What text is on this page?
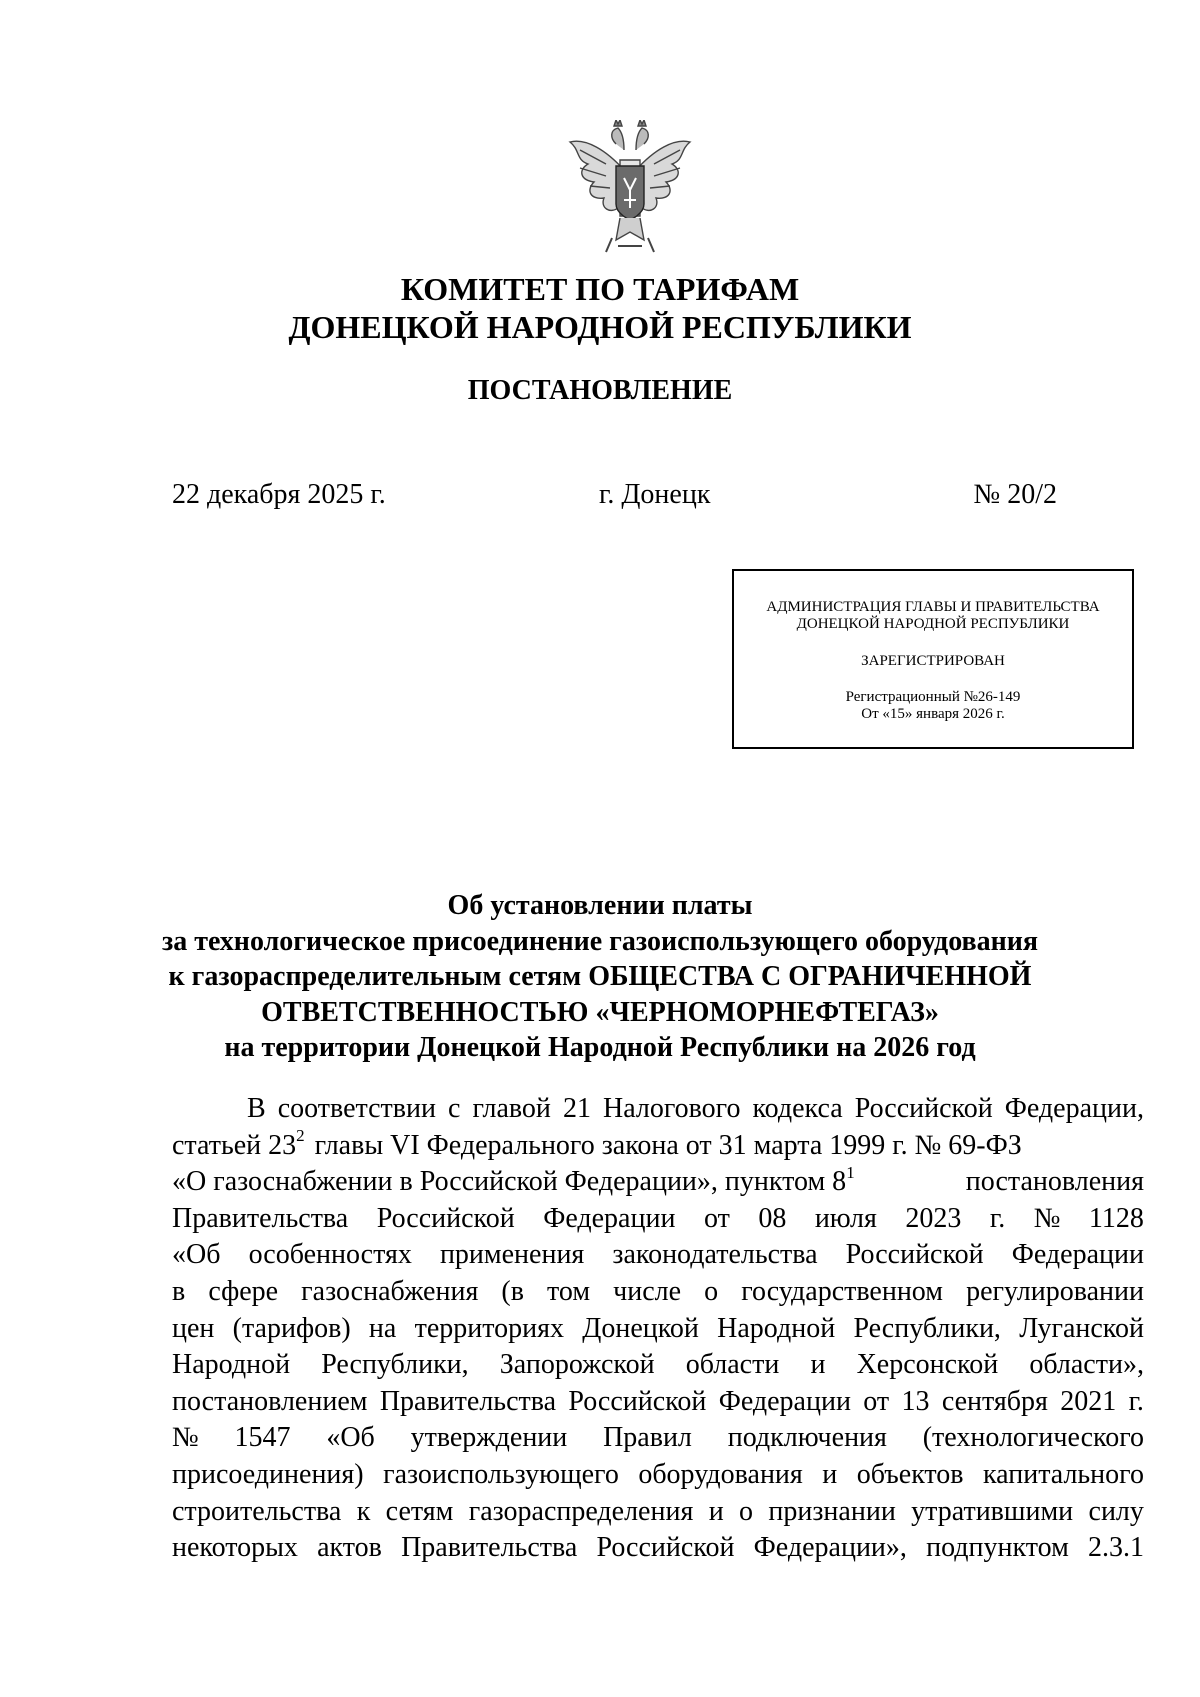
КОМИТЕТ ПО ТАРИФАМ
ДОНЕЦКОЙ НАРОДНОЙ РЕСПУБЛИКИ
ПОСТАНОВЛЕНИЕ
22 декабря 2025 г.	г. Донецк	№ 20/2
АДМИНИСТРАЦИЯ ГЛАВЫ И ПРАВИТЕЛЬСТВА
ДОНЕЦКОЙ НАРОДНОЙ РЕСПУБЛИКИ
ЗАРЕГИСТРИРОВАН
Регистрационный №26-149
От «15» января 2026 г.
Об установлении платы
за технологическое присоединение газоиспользующего оборудования
к газораспределительным сетям ОБЩЕСТВА С ОГРАНИЧЕННОЙ
ОТВЕТСТВЕННОСТЬЮ «ЧЕРНОМОРНЕФТЕГАЗ»
на территории Донецкой Народной Республики на 2026 год
В соответствии с главой 21 Налогового кодекса Российской Федерации,
статьей $23^2$ главы VI Федерального закона от 31 марта 1999 г. № 69-ФЗ
«О газоснабжении в Российской Федерации», пунктом $8^1$	постановления
Правительства Российской Федерации от 08 июля 2023 г. № 1128
«Об особенностях применения законодательства Российской Федерации
в сфере газоснабжения (в том числе о государственном регулировании
цен (тарифов) на территориях Донецкой Народной Республики, Луганской
Народной Республики, Запорожской области и Херсонской области»,
постановлением Правительства Российской Федерации от 13 сентября 2021 г.
№ 1547 «Об утверждении Правил подключения (технологического
присоединения) газоиспользующего оборудования и объектов капитального
строительства к сетям газораспределения и о признании утратившими силу
некоторых актов Правительства Российской Федерации», подпунктом 2.3.1
